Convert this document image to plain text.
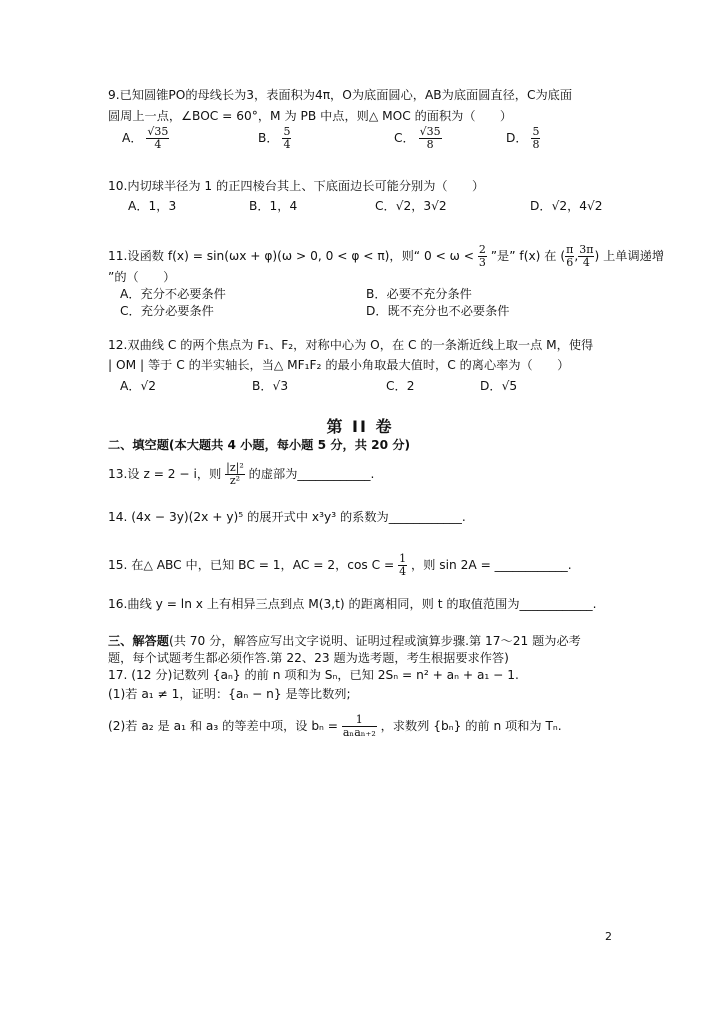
9.已知圆锥PO的母线长为3，表面积为4π，O为底面圆心，AB为底面圆直径，C为底面
圆周上一点，∠BOC = 60°，M 为 PB 中点，则△ MOC 的面积为（　　）
A． $\frac{√35}{4}$	B． $\frac{5}{4}$	C． $\frac{√35}{8}$	D． $\frac{5}{8}$
10.内切球半径为 1 的正四棱台其上、下底面边长可能分别为（　　）
A．1，3	B．1，4	C．√2，3√2	D．√2，4√2
11.设函数 f(x) = sin(ωx + φ)(ω > 0, 0 < φ < π)，则“ $0 < \omega < \frac{2}{3}$ ”是” f(x) 在 ( $\frac{\pi}{6}$ , $\frac{3\pi}{4}$ ) 上单调递增
”的（　　）
A．充分不必要条件	B．必要不充分条件
C．充分必要条件	D．既不充分也不必要条件
12.双曲线 C 的两个焦点为 F₁、F₂，对称中心为 O，在 C 的一条渐近线上取一点 M，使得
| OM | 等于 C 的半实轴长，当△ MF₁F₂ 的最小角取最大值时，C 的离心率为（　　）
A．√2	B．√3	C．2	D．√5
第 II 卷
二、填空题(本大题共 4 小题，每小题 5 分，共 20 分)
13.设 z = 2 − i，则 $\frac{\text{|z|²}}{\text{z²}}$ 的虚部为____________.
14. (4x − 3y)(2x + y)⁵ 的展开式中 x³y³ 的系数为____________.
15. 在△ ABC 中，已知 BC = 1，AC = 2，$\cos C = \frac{1}{4}$ ，则 sin 2A = ____________.
16.曲线 y = ln x 上有相异三点到点 M(3,t) 的距离相同，则 t 的取值范围为____________.
三、解答题(共 70 分，解答应写出文字说明、证明过程或演算步骤.第 17～21 题为必考
题，每个试题考生都必须作答.第 22、23 题为选考题，考生根据要求作答)
17. (12 分)记数列 {aₙ} 的前 n 项和为 Sₙ，已知 2Sₙ = n² + aₙ + a₁ − 1.
(1)若 a₁ ≠ 1，证明：{aₙ − n} 是等比数列;
(2)若 a₂ 是 a₁ 和 a₃ 的等差中项，设 $b_n = \frac{1}{\text{aₙaₙ₊₂}}$ ，求数列 {bₙ} 的前 n 项和为 Tₙ.
2
